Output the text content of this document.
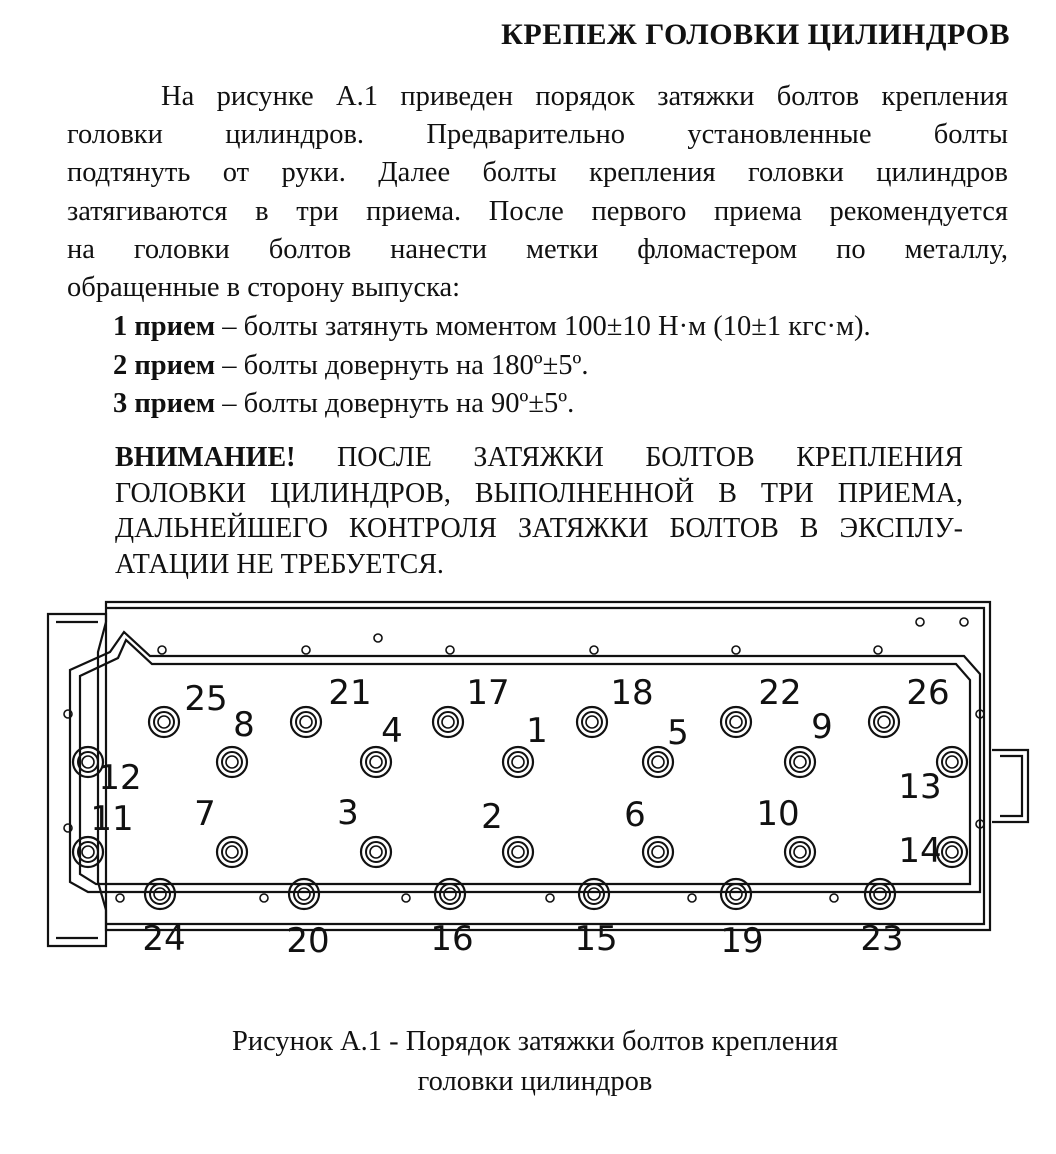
КРЕПЕЖ ГОЛОВКИ ЦИЛИНДРОВ
На рисунке А.1 приведен порядок затяжки болтов крепления
головки цилиндров. Предварительно установленные болты
подтянуть от руки. Далее болты крепления головки цилиндров
затягиваются в три приема. После первого приема рекомендуется
на головки болтов нанести метки фломастером по металлу,
обращенные в сторону выпуска:
1 прием – болты затянуть моментом 100±10 Н·м (10±1 кгс·м).
2 прием – болты довернуть на 180º±5º.
3 прием – болты довернуть на 90º±5º.
ВНИМАНИЕ! ПОСЛЕ ЗАТЯЖКИ БОЛТОВ КРЕПЛЕНИЯ
ГОЛОВКИ ЦИЛИНДРОВ, ВЫПОЛНЕННОЙ В ТРИ ПРИЕМА,
ДАЛЬНЕЙШЕГО КОНТРОЛЯ ЗАТЯЖКИ БОЛТОВ В ЭКСПЛУ-
АТАЦИИ НЕ ТРЕБУЕТСЯ.
1
2
3
4	5
6
7
8	9
10
11
12	13
14
15
16
17	18
19
20
21	22
23
24
25	26
Рисунок А.1 - Порядок затяжки болтов крепления
головки цилиндров
